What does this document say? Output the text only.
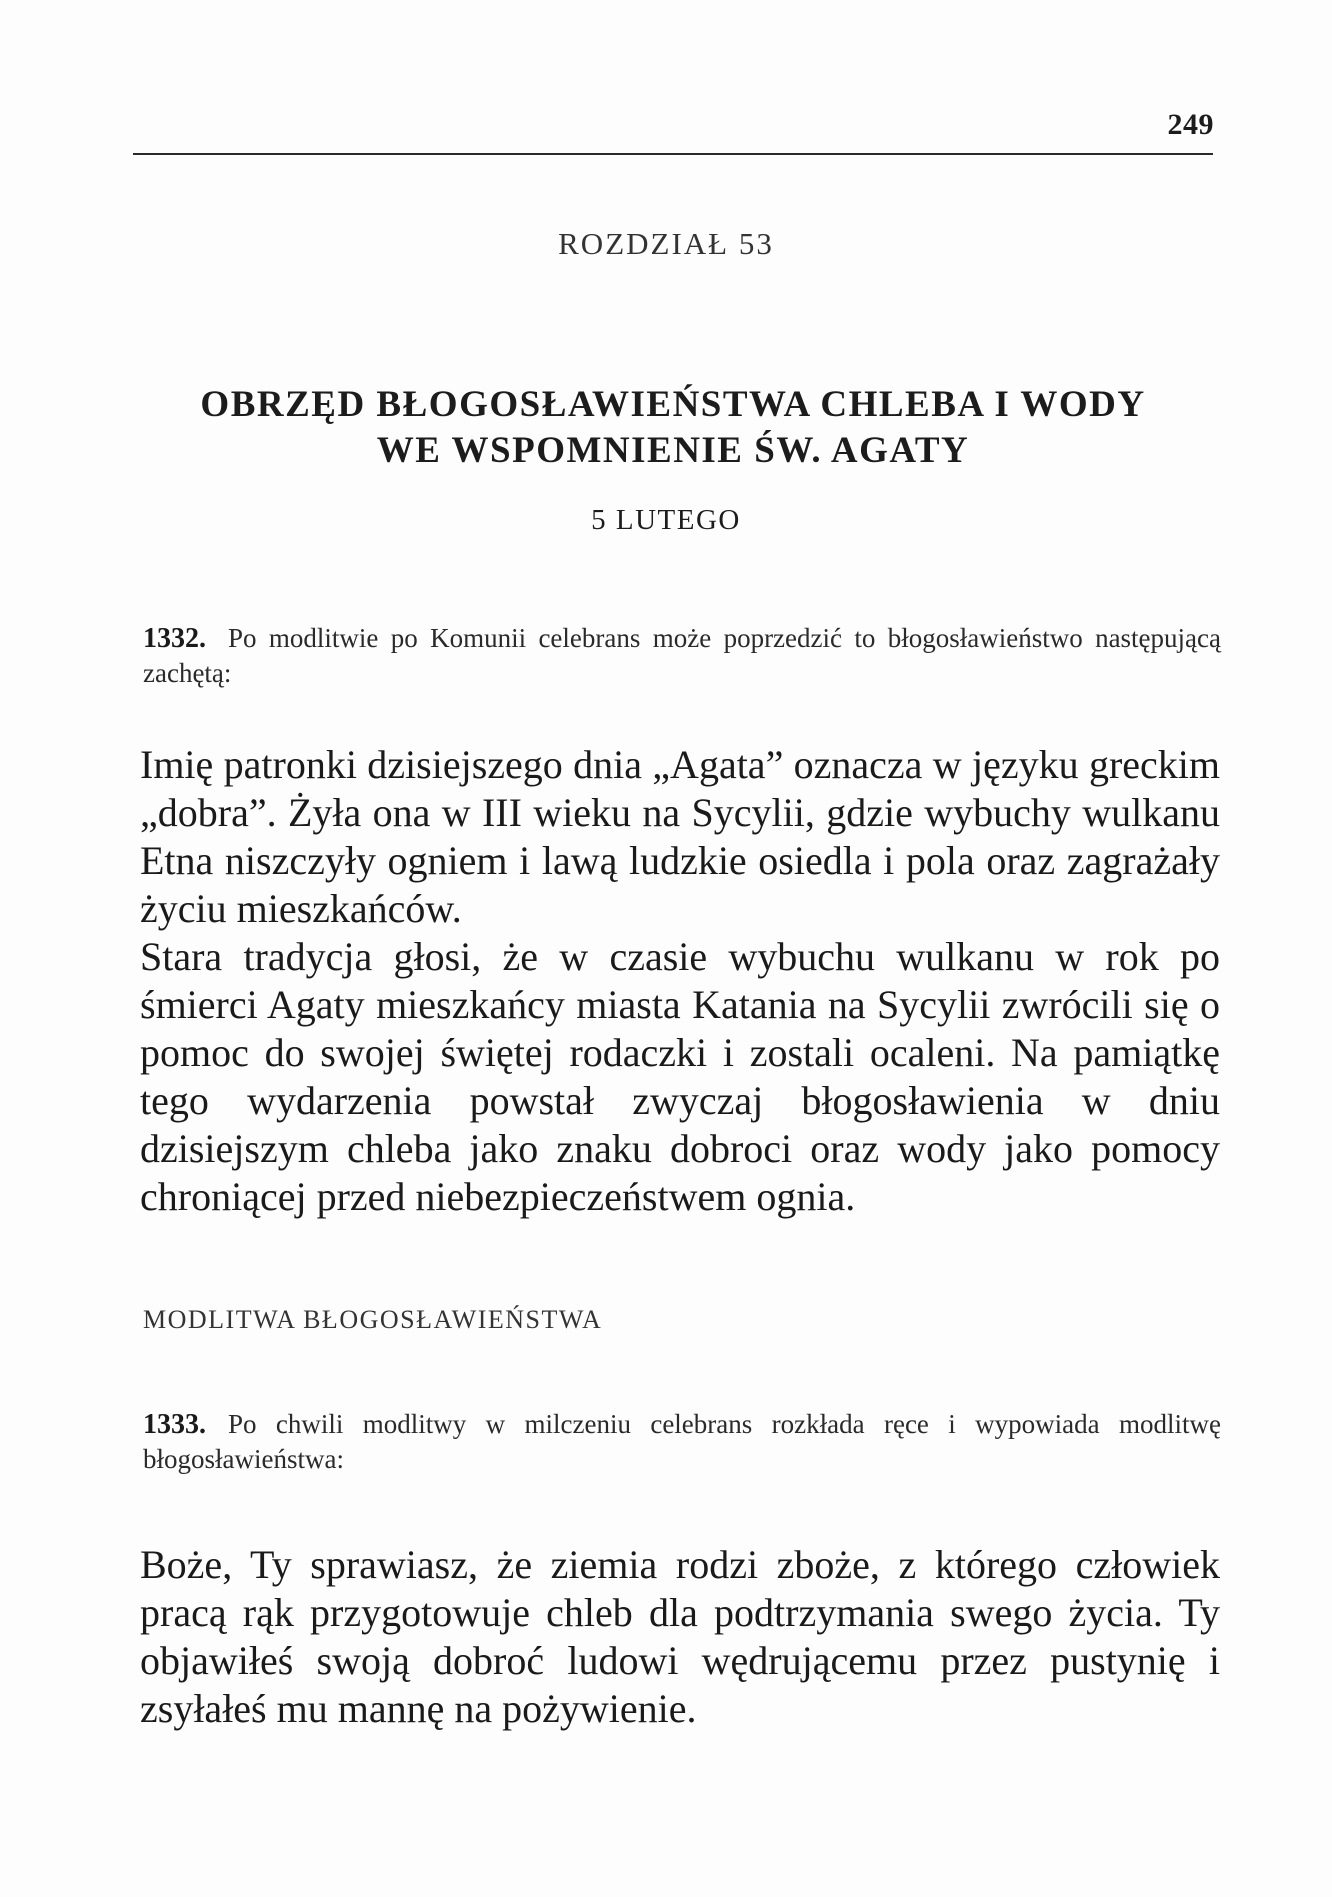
249
ROZDZIAŁ 53
OBRZĘD BŁOGOSŁAWIEŃSTWA CHLEBA I WODY
WE WSPOMNIENIE ŚW. AGATY
5 LUTEGO
1332. Po modlitwie po Komunii celebrans może poprzedzić to błogosławieństwo następującą zachętą:

Imię patronki dzisiejszego dnia „Agata” oznacza w języku greckim „dobra”. Żyła ona w III wieku na Sycylii, gdzie wybuchy wulkanu Etna niszczyły ogniem i lawą ludzkie osiedla i pola oraz zagrażały życiu mieszkańców.

Stara tradycja głosi, że w czasie wybuchu wulkanu w rok po śmierci Agaty mieszkańcy miasta Katania na Sycylii zwrócili się o pomoc do swojej świętej rodaczki i zostali ocaleni. Na pamiątkę tego wydarzenia powstał zwyczaj błogosławienia w dniu dzisiejszym chleba jako znaku dobroci oraz wody jako pomocy chroniącej przed niebezpieczeństwem ognia.

MODLITWA BŁOGOSŁAWIEŃSTWA
1333. Po chwili modlitwy w milczeniu celebrans rozkłada ręce i wypowiada modlitwę błogosławieństwa:

Boże, Ty sprawiasz, że ziemia rodzi zboże, z którego człowiek pracą rąk przygotowuje chleb dla podtrzymania swego życia. Ty objawiłeś swoją dobroć ludowi wędrującemu przez pustynię i zsyłałeś mu mannę na pożywienie.
